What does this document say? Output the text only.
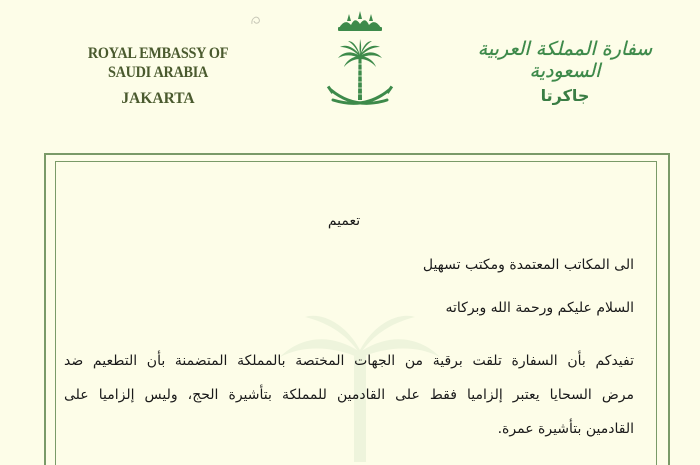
ROYAL EMBASSY OF SAUDI ARABIA
JAKARTA
سفارة المملكة العربية السعودية
جاكرتا
تعميم
الى المكاتب المعتمدة ومكتب تسهيل
السلام عليكم ورحمة الله وبركاته
تفيدكم بأن السفارة تلقت برقية من الجهات المختصة بالمملكة المتضمنة بأن التطعيم ضد
مرض السحايا يعتبر إلزاميا فقط على القادمين للمملكة بتأشيرة الحج، وليس إلزاميا على
القادمين بتأشيرة عمرة.
